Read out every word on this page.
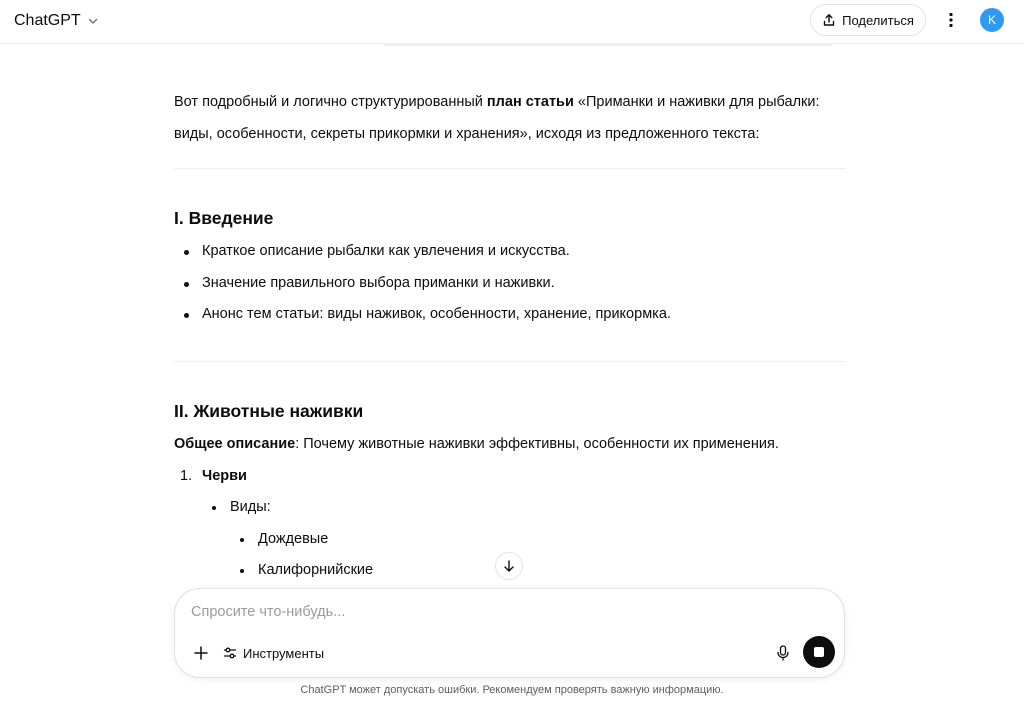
ChatGPT	Поделиться	K
Вот подробный и логично структурированный план статьи «Приманки и наживки для рыбалки: виды, особенности, секреты прикормки и хранения», исходя из предложенного текста:
I. Введение
Краткое описание рыбалки как увлечения и искусства.
Значение правильного выбора приманки и наживки.
Анонс тем статьи: виды наживок, особенности, хранение, прикормка.
II. Животные наживки
Общее описание: Почему животные наживки эффективны, особенности их применения.
1. Черви
Виды:
Дождевые
Калифорнийские
Спросите что-нибудь...
Инструменты
ChatGPT может допускать ошибки. Рекомендуем проверять важную информацию.
